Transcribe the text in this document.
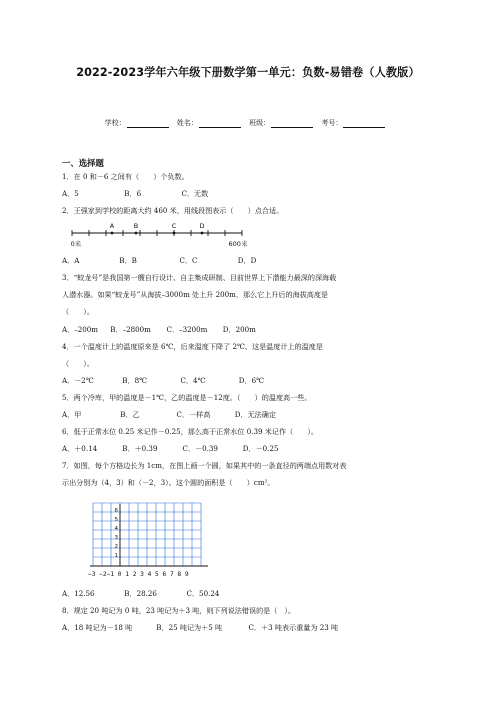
2022-2023学年六年级下册数学第一单元：负数-易错卷（人教版）
学校：	姓名：	班级：	考号：
一、选择题
1．在 0 和－6 之间有（　　）个负数。
A．5	B．6	C．无数
2．王强家到学校的距离大约 460 米，用线段图表示（　　）点合适。
A	B	C	D
0米	600米
A．A	B．B	C．C	D．D
3．“蛟龙号”是我国第一艘自行设计、自主集成研制、目前世界上下潜能力最深的深海载
人潜水器。如果“蛟龙号”从海拔–3000m 处上升 200m，那么它上升后的海拔高度是
（　　）。
A．–200m B．–2800m C．–3200m D．200m
4．一个温度计上的温度原来是 6℃，后来温度下降了 2℃、这是温度计上的温度是
（　　）。
A．－2℃	B．8℃	C．4℃	D．6℃
5．两个冷库，甲的温度是－1℃，乙的温度是－12度。（　　）的温度高一些。
A．甲	B．乙	C．一样高	D．无法确定
6．低于正常水位 0.25 米记作－0.25，那么高于正常水位 0.39 米记作（　　）。
A．＋0.14	B．＋0.39	C．－0.39	D．－0.25
7．如图，每个方格边长为 1cm，在图上画一个圆，如果其中的一条直径的两端点用数对表
示出分别为（4，3）和（－2，3）。这个圆的面积是（　　）cm²。
6
5
4
3
2
1
−3 −2−1 0 1 2 3 4 5 6 7 8 9
A．12.56	B．28.26	C．50.24
8．规定 20 吨记为 0 吨，23 吨记为＋3 吨，则下列说法错误的是（　）。
A．18 吨记为－18 吨	B．25 吨记为＋5 吨	C．＋3 吨表示重量为 23 吨
